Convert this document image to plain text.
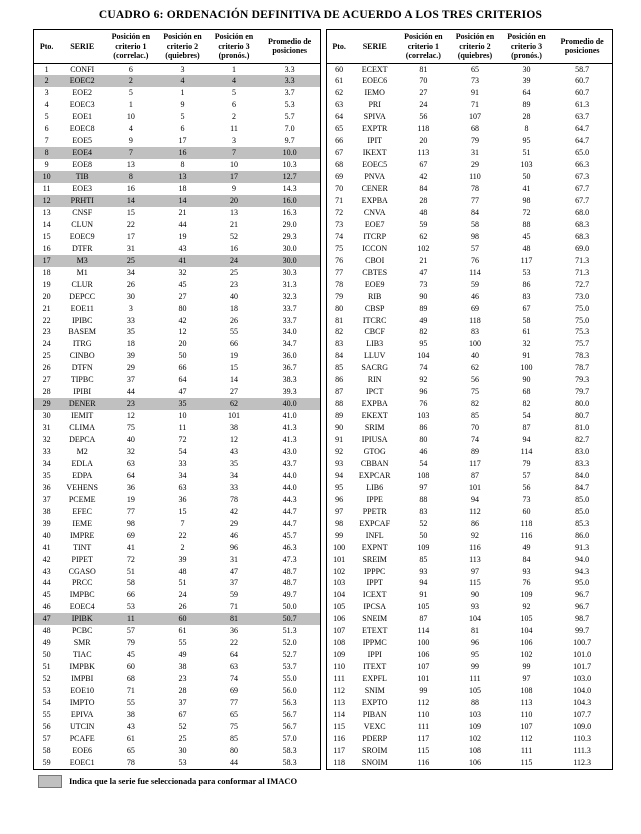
CUADRO 6: ORDENACIÓN DEFINITIVA DE ACUERDO A LOS TRES CRITERIOS
Pto.	SERIE	Posición en criterio 1 (correlac.)	Posición en criterio 2 (quiebres)	Posición en criterio 3 (pronós.)	Promedio de posiciones
1	CONFI	6	3	1	3.3
2	EOEC2	2	4	4	3.3
3	EOE2	5	1	5	3.7
4	EOEC3	1	9	6	5.3
5	EOE1	10	5	2	5.7
6	EOEC8	4	6	11	7.0
7	EOE5	9	17	3	9.7
8	EOE4	7	16	7	10.0
9	EOE8	13	8	10	10.3
10	TIB	8	13	17	12.7
11	EOE3	16	18	9	14.3
12	PRHTI	14	14	20	16.0
13	CNSF	15	21	13	16.3
14	CLUN	22	44	21	29.0
15	EOEC9	17	19	52	29.3
16	DTFR	31	43	16	30.0
17	M3	25	41	24	30.0
18	M1	34	32	25	30.3
19	CLUR	26	45	23	31.3
20	DEPCC	30	27	40	32.3
21	EOE11	3	80	18	33.7
22	IPIBC	33	42	26	33.7
23	BASEM	35	12	55	34.0
24	ITRG	18	20	66	34.7
25	CINBO	39	50	19	36.0
26	DTFN	29	66	15	36.7
27	TIPBC	37	64	14	38.3
28	IPIBI	44	47	27	39.3
29	DENER	23	35	62	40.0
30	IEMIT	12	10	101	41.0
31	CLIMA	75	11	38	41.3
32	DEPCA	40	72	12	41.3
33	M2	32	54	43	43.0
34	EDLA	63	33	35	43.7
35	EDPA	64	34	34	44.0
36	VEHENS	36	63	33	44.0
37	PCEME	19	36	78	44.3
38	EFEC	77	15	42	44.7
39	IEME	98	7	29	44.7
40	IMPRE	69	22	46	45.7
41	TINT	41	2	96	46.3
42	PIPET	72	39	31	47.3
43	CGASO	51	48	47	48.7
44	PRCC	58	51	37	48.7
45	IMPBC	66	24	59	49.7
46	EOEC4	53	26	71	50.0
47	IPIBK	11	60	81	50.7
48	PCBC	57	61	36	51.3
49	SMR	79	55	22	52.0
50	TIAC	45	49	64	52.7
51	IMPBK	60	38	63	53.7
52	IMPBI	68	23	74	55.0
53	EOE10	71	28	69	56.0
54	IMPTO	55	37	77	56.3
55	EPIVA	38	67	65	56.7
56	UTCIN	43	52	75	56.7
57	PCAFE	61	25	85	57.0
58	EOE6	65	30	80	58.3
59	EOEC1	78	53	44	58.3
Pto.	SERIE	Posición en criterio 1 (correlac.)	Posición en criterio 2 (quiebres)	Posición en criterio 3 (pronós.)	Promedio de posiciones
60	ECEXT	81	65	30	58.7
61	EOEC6	70	73	39	60.7
62	IEMO	27	91	64	60.7
63	PRI	24	71	89	61.3
64	SPIVA	56	107	28	63.7
65	EXPTR	118	68	8	64.7
66	IPIT	20	79	95	64.7
67	IKEXT	113	31	51	65.0
68	EOEC5	67	29	103	66.3
69	PNVA	42	110	50	67.3
70	CENER	84	78	41	67.7
71	EXPBA	28	77	98	67.7
72	CNVA	48	84	72	68.0
73	EOE7	59	58	88	68.3
74	ITCRP	62	98	45	68.3
75	ICCON	102	57	48	69.0
76	CBOI	21	76	117	71.3
77	CBTES	47	114	53	71.3
78	EOE9	73	59	86	72.7
79	RIB	90	46	83	73.0
80	CBSP	89	69	67	75.0
81	ITCRC	49	118	58	75.0
82	CBCF	82	83	61	75.3
83	LIB3	95	100	32	75.7
84	LLUV	104	40	91	78.3
85	SACRG	74	62	100	78.7
86	RIN	92	56	90	79.3
87	IPCT	96	75	68	79.7
88	EXPBA	76	82	82	80.0
89	EKEXT	103	85	54	80.7
90	SRIM	86	70	87	81.0
91	IPIUSA	80	74	94	82.7
92	GTOG	46	89	114	83.0
93	CBBAN	54	117	79	83.3
94	EXPCAR	108	87	57	84.0
95	LIB6	97	101	56	84.7
96	IPPE	88	94	73	85.0
97	PPETR	83	112	60	85.0
98	EXPCAF	52	86	118	85.3
99	INFL	50	92	116	86.0
100	EXPNT	109	116	49	91.3
101	SREIM	85	113	84	94.0
102	IPPPC	93	97	93	94.3
103	IPPT	94	115	76	95.0
104	ICEXT	91	90	109	96.7
105	IPCSA	105	93	92	96.7
106	SNEIM	87	104	105	98.7
107	ETEXT	114	81	104	99.7
108	IPPMC	100	96	106	100.7
109	IPPI	106	95	102	101.0
110	ITEXT	107	99	99	101.7
111	EXPFL	101	111	97	103.0
112	SNIM	99	105	108	104.0
113	EXPTO	112	88	113	104.3
114	PIBAN	110	103	110	107.7
115	VEXC	111	109	107	109.0
116	PDERP	117	102	112	110.3
117	SROIM	115	108	111	111.3
118	SNOIM	116	106	115	112.3
Indica que la serie fue seleccionada para conformar al IMACO
